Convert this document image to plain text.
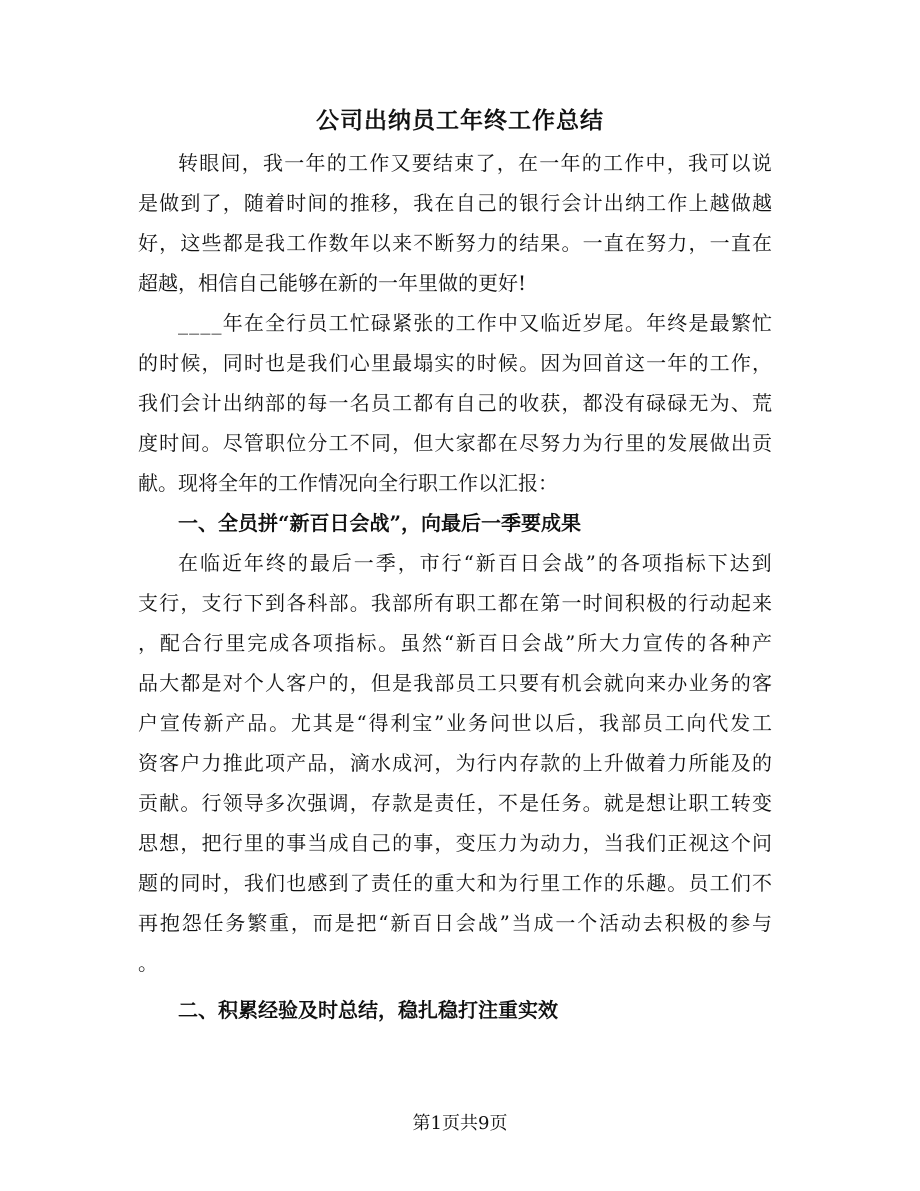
公司出纳员工年终工作总结
转 眼 间 ， 我 一 年 的 工 作 又 要 结 束 了 ， 在 一 年 的 工 作 中 ， 我 可 以 说
是 做 到 了 ， 随 着 时 间 的 推 移 ， 我 在 自 己 的 银 行 会 计 出 纳 工 作 上 越 做 越
好 ， 这 些 都 是 我 工 作 数 年 以 来 不 断 努 力 的 结 果 。 一 直 在 努 力 ， 一 直 在
超越，相信自己能够在新的一年里做的更好!
_ _ _ _ 年 在 全 行 员 工 忙 碌 紧 张 的 工 作 中 又 临 近 岁 尾 。 年 终 是 最 繁 忙
的 时 候 ， 同 时 也 是 我 们 心 里 最 塌 实 的 时 候 。 因 为 回 首 这 一 年 的 工 作 ，
我 们 会 计 出 纳 部 的 每 一 名 员 工 都 有 自 己 的 收 获 ， 都 没 有 碌 碌 无 为 、 荒
度 时 间 。 尽 管 职 位 分 工 不 同 ， 但 大 家 都 在 尽 努 力 为 行 里 的 发 展 做 出 贡
献。现将全年的工作情况向全行职工作以汇报：
一、全员拼“新百日会战”，向最后一季要成果
在 临 近 年 终 的 最 后 一 季 ， 市 行 “ 新 百 日 会 战 ” 的 各 项 指 标 下 达 到
支 行 ， 支 行 下 到 各 科 部 。 我 部 所 有 职 工 都 在 第 一 时 间 积 极 的 行 动 起 来
， 配 合 行 里 完 成 各 项 指 标 。 虽 然 “ 新 百 日 会 战 ” 所 大 力 宣 传 的 各 种 产
品 大 都 是 对 个 人 客 户 的 ， 但 是 我 部 员 工 只 要 有 机 会 就 向 来 办 业 务 的 客
户 宣 传 新 产 品 。 尤 其 是 “ 得 利 宝 ” 业 务 问 世 以 后 ， 我 部 员 工 向 代 发 工
资 客 户 力 推 此 项 产 品 ， 滴 水 成 河 ， 为 行 内 存 款 的 上 升 做 着 力 所 能 及 的
贡 献 。 行 领 导 多 次 强 调 ， 存 款 是 责 任 ， 不 是 任 务 。 就 是 想 让 职 工 转 变
思 想 ， 把 行 里 的 事 当 成 自 己 的 事 ， 变 压 力 为 动 力 ， 当 我 们 正 视 这 个 问
题 的 同 时 ， 我 们 也 感 到 了 责 任 的 重 大 和 为 行 里 工 作 的 乐 趣 。 员 工 们 不
再 抱 怨 任 务 繁 重 ， 而 是 把 “ 新 百 日 会 战 ” 当 成 一 个 活 动 去 积 极 的 参 与
。
二、积累经验及时总结，稳扎稳打注重实效
第1页共9页
